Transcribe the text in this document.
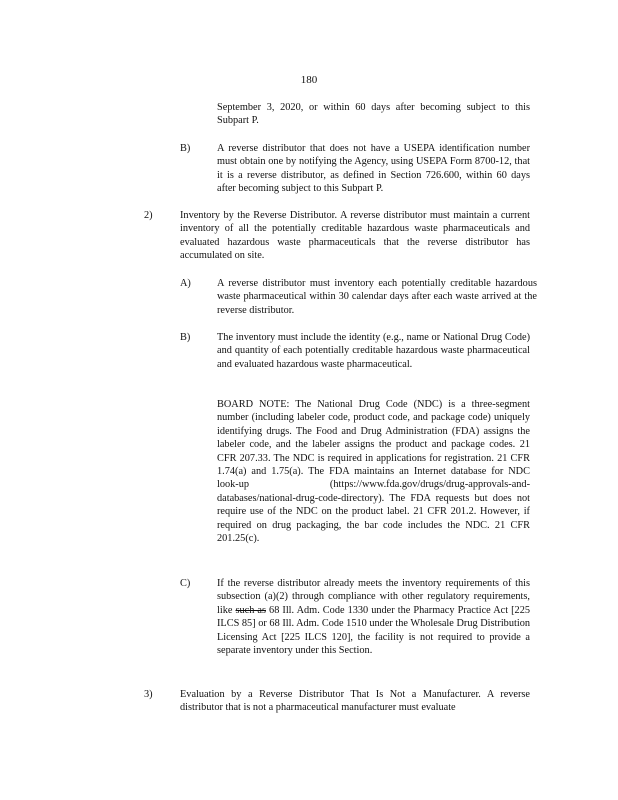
180

September 3, 2020, or within 60 days after becoming subject to this Subpart P.

B)	A reverse distributor that does not have a USEPA identification number must obtain one by notifying the Agency, using USEPA Form 8700-12, that it is a reverse distributor, as defined in Section 726.600, within 60 days after becoming subject to this Subpart P.

2)	Inventory by the Reverse Distributor. A reverse distributor must maintain a current inventory of all the potentially creditable hazardous waste pharmaceuticals and evaluated hazardous waste pharmaceuticals that the reverse distributor has accumulated on site.

A)	A reverse distributor must inventory each potentially creditable hazardous waste pharmaceutical within 30 calendar days after each waste arrived at the reverse distributor.

B)	The inventory must include the identity (e.g., name or National Drug Code) and quantity of each potentially creditable hazardous waste pharmaceutical and evaluated hazardous waste pharmaceutical.

BOARD NOTE: The National Drug Code (NDC) is a three-segment number (including labeler code, product code, and package code) uniquely identifying drugs. The Food and Drug Administration (FDA) assigns the labeler code, and the labeler assigns the product and package codes. 21 CFR 207.33. The NDC is required in applications for registration. 21 CFR 1.74(a) and 1.75(a). The FDA maintains an Internet database for NDC look-up (https://www.fda.gov/drugs/drug-approvals-and-databases/national-drug-code-directory). The FDA requests but does not require use of the NDC on the product label. 21 CFR 201.2. However, if required on drug packaging, the bar code includes the NDC. 21 CFR 201.25(c).

C)	If the reverse distributor already meets the inventory requirements of this subsection (a)(2) through compliance with other regulatory requirements, like such as 68 Ill. Adm. Code 1330 under the Pharmacy Practice Act [225 ILCS 85] or 68 Ill. Adm. Code 1510 under the Wholesale Drug Distribution Licensing Act [225 ILCS 120], the facility is not required to provide a separate inventory under this Section.

3)	Evaluation by a Reverse Distributor That Is Not a Manufacturer. A reverse distributor that is not a pharmaceutical manufacturer must evaluate
